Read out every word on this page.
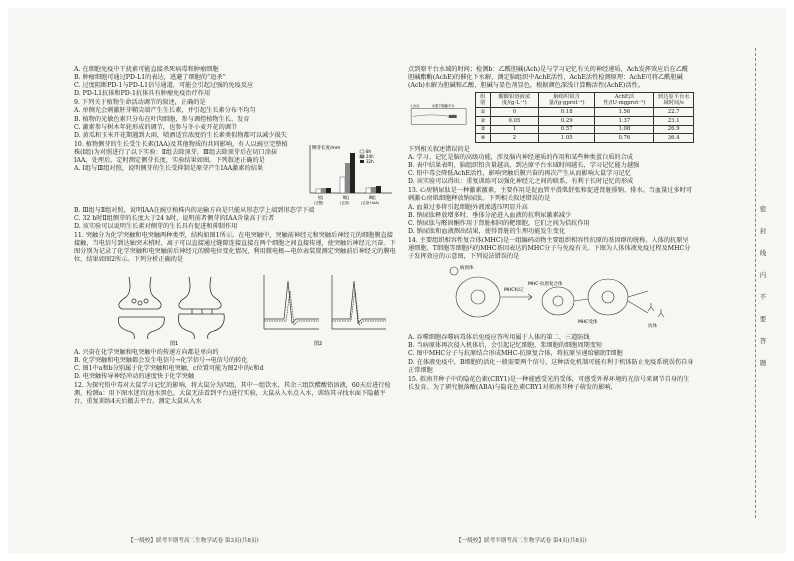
A. 在细胞免疫中干扰素可能直接杀死病毒和肿瘤细胞

B. 肿瘤细胞可通过PD-L1的表达，逃避了细胞的“追杀”

C. 过度阻断PD-1与PD-L1信号通道，可能会引起过强的免疫反应

D. PD-L1抗体和PD-1抗体具有肿瘤免疫治疗作用

9. 下列关于植物生命活动调节的叙述，正确的是

A. 单侧光会刺激胚芽鞘尖端产生生长素，并引起生长素分布不均匀

B. 植物的光敏色素只分布在叶肉细胞，参与调控植物生长、发育

C. 激素参与树木年轮形成的调节，也参与冬小麦开花的调节

D. 黄瓜和玉米开花期遇到大雨，喷洒适宜浓度的生长素类似物都可以减少损失

10. 植物侧芽的生长受生长素(IAA)及其他物质的共同影响，有人以豌豆完整植株(Ⅰ组)为对照进行了以下实验：Ⅱ组去除顶芽，Ⅲ组去除顶芽后在切口涂抹IAA，处理后，定时测定侧芽长度，实验结果如图。下列叙述正确的是

A. Ⅰ组与Ⅲ组对照，说明侧芽的生长受抑制是原芽产生IAA激素的结果

侧芽长度/mm
8h
24h
32h
Ⅰ组	Ⅱ组	Ⅲ组
(完整)	(去顶)	(去顶+IAA)

B. Ⅲ组与Ⅱ组对照，说明IAA在豌豆植株内的运输方向是只能从形态学上端到形态学下端

C. 32 h时Ⅱ组侧芽的长度大于24 h时，说明前者侧芽的IAA含量高于后者

D. 该实验可以说明生长素对侧芽的生长具有促进和抑制作用

11. 突触分为化学突触和电突触两种类型，结构如图1所示。在电突触中，突触前神经元和突触后神经元的细胞膜直接接触，当电信号到达轴突末梢时，离子可以直接通过缝隙连接直接在两个细胞之间直接传递，使突触后神经元兴奋。下图分别为记录了化学突触和电突触前后神经元的膜电位变化情况，利用微电极—电位表装置测定突触前后神经元的膜电位，结果如图2所示。下列分析正确的是

图1	图2

A. 兴奋在化学突触和电突触中的传递方向都是单向的

B. 化学突触和电突触都会发生电信号→化学信号→电信号的转化

C. 图1中a和b分别属于化学突触和电突触，c位置可能为图2中的c和d

D. 电突触传导神经冲动的速度快于化学突触

12. 为探究铅中毒对大鼠学习记忆的影响，将大鼠分为四组，其中一组饮水，其余三组饮醋酸铅溶液，60天后进行检测，检测a：用下图水迷宫(池水黑色，大鼠无法看到平台)进行实验，大鼠从入水点入水，训练其寻找水面下隐蔽平台，重复训练4天后撤去平台，测定大鼠从入水

点到原平台水域的时间；检测b：乙酰胆碱(Ach)是与学习记忆有关的神经递质，Ach发挥效应后在乙酰胆碱酯酶(AchE)的催化下水解，测定脑组织中AchE活性，AchE活性检测原理：AchE可将乙酰胆碱(Ach)水解为胆碱和乙酸，胆碱与显色剂显色，根据颜色深浅计算酶活性(AchE)活性。

入水点	水面下隐蔽平台
组别	醋酸铅溶液浓度/(g·L⁻¹)	脑组织铅含量/(g·gprot⁻¹)	AchE活性/(U·mgprot⁻¹)	到达原平台水域时间/s
①	0	0.18	1.56	22.7
②	0.05	0.29	1.37	23.1
③	1	0.57	1.08	26.9
④	2	1.05	0.76	36.4

下列相关叙述错误的是

A. 学习、记忆是脑的高级功能，涉及脑内神经递质的作用和某些种类蛋白质的合成

B. 表中结果表明，脑组织铅含量越高，到达原平台水域时间越长，学习记忆能力越强

C. 铅中毒会降低AchE活性，影响突触后膜兴奋的再次产生从而影响大鼠学习记忆

D. 该实验可以得出：重复训练可以强化神经元之间的联系，有利于长时记忆的形成

13. 心房钠尿肽是一种激素激素，主要作用是促血管平滑肌舒张和促进肾脏排钠、排水。当血量过多时可刺激心房肌细胞释放钠尿肽。下列相关叙述错误的是

A. 血量过多将引起细胞外液渗透压明显升高

B. 钠尿肽释放增多时，垂体分泌进入血液的抗利尿激素减少

C. 钠尿肽与醛固酮作用于肾脏相同的靶细胞，它们之间为拮抗作用

D. 钠尿肽和血液测出结果，使得肾脏的生理功能发生变化

14. 主要组织相容性复合体(MHC)是一组编码动物主要组织相容性抗原的基因群的统称。人体的抗原呈递细胞、T细胞等细胞内的MHC基因表达的MHC分子与免疫有关。下图为人体体液免疫过程及MHC分子发挥效应的示意图，下列说法错误的是

病原体
MHC标记
MHC-抗原复合体
MHC受体
抗体

A. 吞噬细胞吞噬病毒体后免疫应答所用属于人体的第二、三道防线

B. 当病原体再次侵入机体后，会引起记忆细胞、浆细胞的细胞周期变短

C. 图中MHC分子与抗原结合形成MHC-抗原复合体，将抗原呈递给辅助T细胞

D. 在体液免疫中，B细胞的活化一般需要两个信号，这种活化机制可能有利于机体防止免疫系统误伤自身正常细胞

15. 拟南芥种子中的隐花色素(CRY1)是一种能感受光的受体，可感受外界环境的光信号来调节自身的生长发育。为了研究脱落酸(ABA)与隐花色素CRY1对拟南芥种子萌发的影响，

密
封
线
内
不
要
答
题
【一级校】联考半期考高二生物学试卷 第3页(共8页)	【一级校】联考半期考高二生物学试卷 第4页(共8页)
